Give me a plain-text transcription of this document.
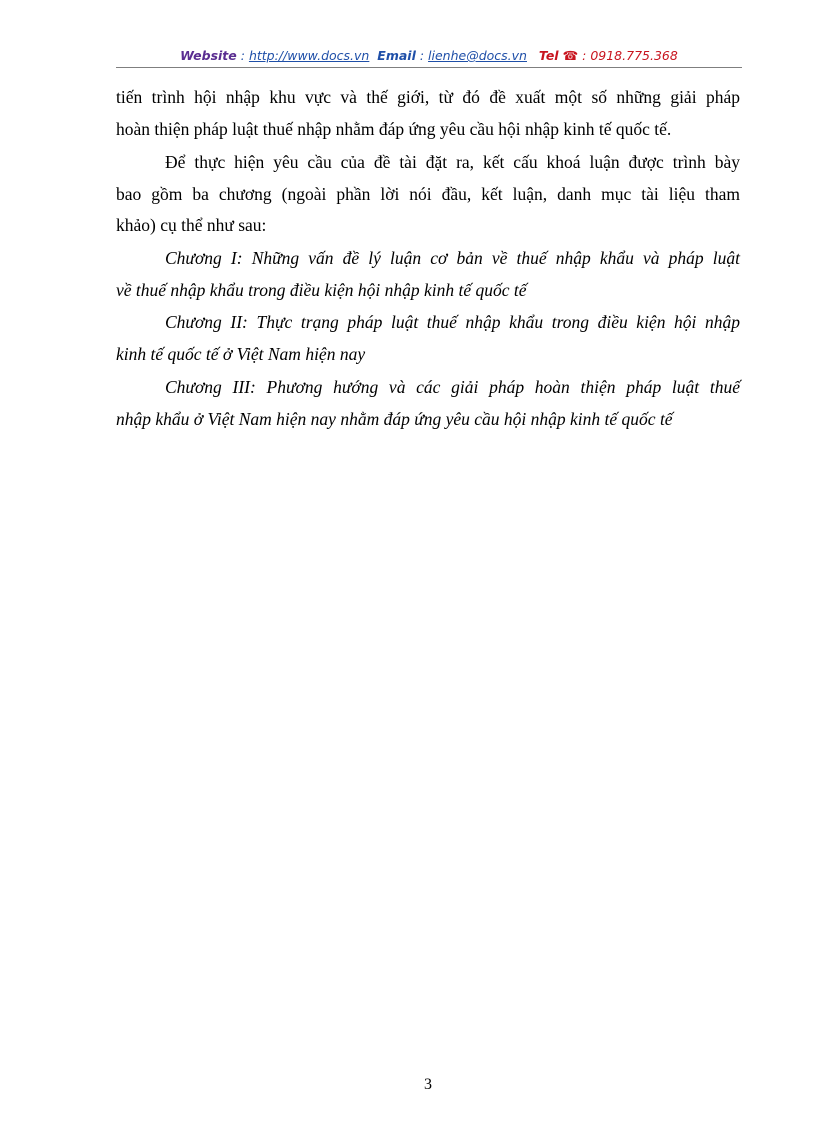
Website : http://www.docs.vn Email : lienhe@docs.vn Tel ☎ : 0918.775.368
tiến trình hội nhập khu vực và thế giới, từ đó đề xuất một số những giải pháp
hoàn thiện pháp luật thuế nhập nhằm đáp ứng yêu cầu hội nhập kinh tế quốc tế.
Để thực hiện yêu cầu của đề tài đặt ra, kết cấu khoá luận được trình bày
bao gồm ba chương (ngoài phần lời nói đầu, kết luận, danh mục tài liệu tham
khảo) cụ thể như sau:
Chương I: Những vấn đề lý luận cơ bản về thuế nhập khẩu và pháp luật
về thuế nhập khẩu trong điều kiện hội nhập kinh tế quốc tế
Chương II: Thực trạng pháp luật thuế nhập khẩu trong điều kiện hội nhập
kinh tế quốc tế ở Việt Nam hiện nay
Chương III: Phương hướng và các giải pháp hoàn thiện pháp luật thuế
nhập khẩu ở Việt Nam hiện nay nhằm đáp ứng yêu cầu hội nhập kinh tế quốc tế
3
